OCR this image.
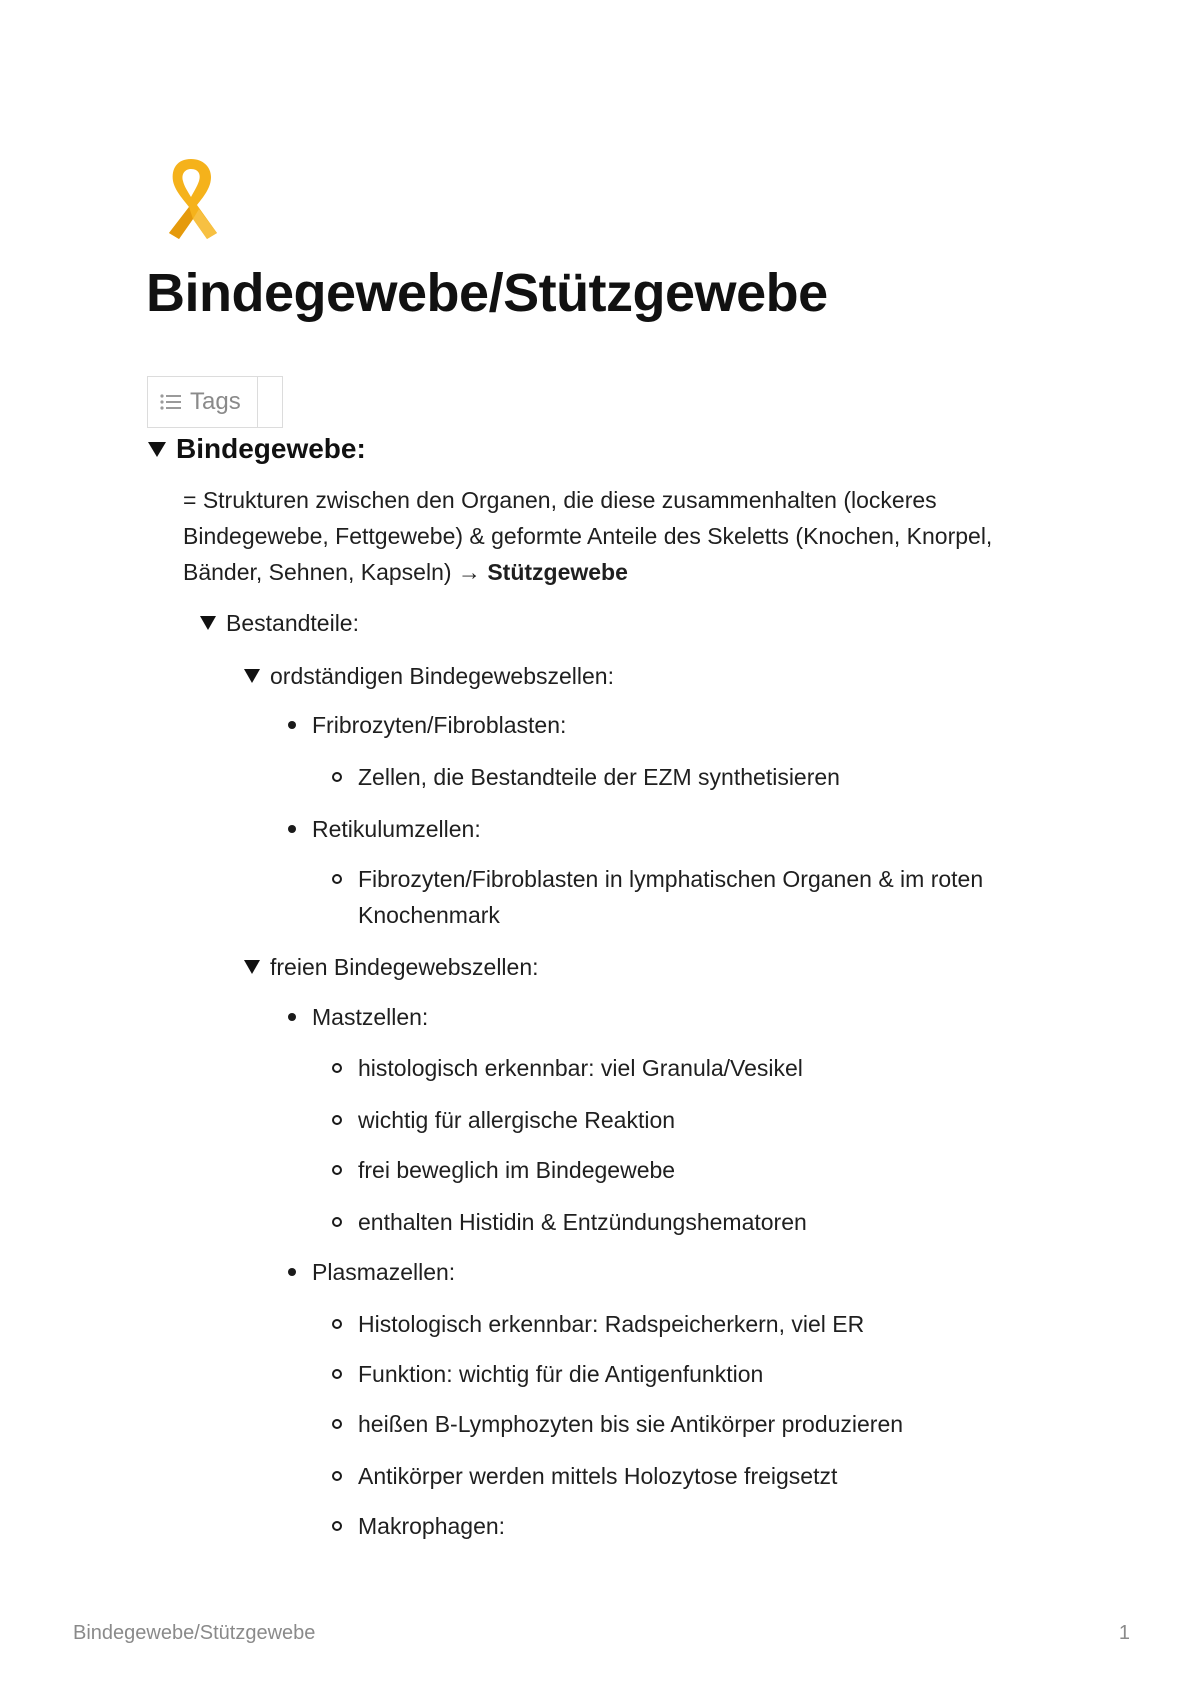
Bindegewebe/Stützgewebe
Tags
Bindegewebe:
= Strukturen zwischen den Organen, die diese zusammenhalten (lockeres Bindegewebe, Fettgewebe) & geformte Anteile des Skeletts (Knochen, Knorpel, Bänder, Sehnen, Kapseln) → Stützgewebe
Bestandteile:
ordständigen Bindegewebszellen:
Fribrozyten/Fibroblasten:
Zellen, die Bestandteile der EZM synthetisieren
Retikulumzellen:
Fibrozyten/Fibroblasten in lymphatischen Organen & im roten Knochenmark
freien Bindegewebszellen:
Mastzellen:
histologisch erkennbar: viel Granula/Vesikel
wichtig für allergische Reaktion
frei beweglich im Bindegewebe
enthalten Histidin & Entzündungshematoren
Plasmazellen:
Histologisch erkennbar: Radspeicherkern, viel ER
Funktion: wichtig für die Antigenfunktion
heißen B-Lymphozyten bis sie Antikörper produzieren
Antikörper werden mittels Holozytose freigsetzt
Makrophagen:
Bindegewebe/Stützgewebe	1
